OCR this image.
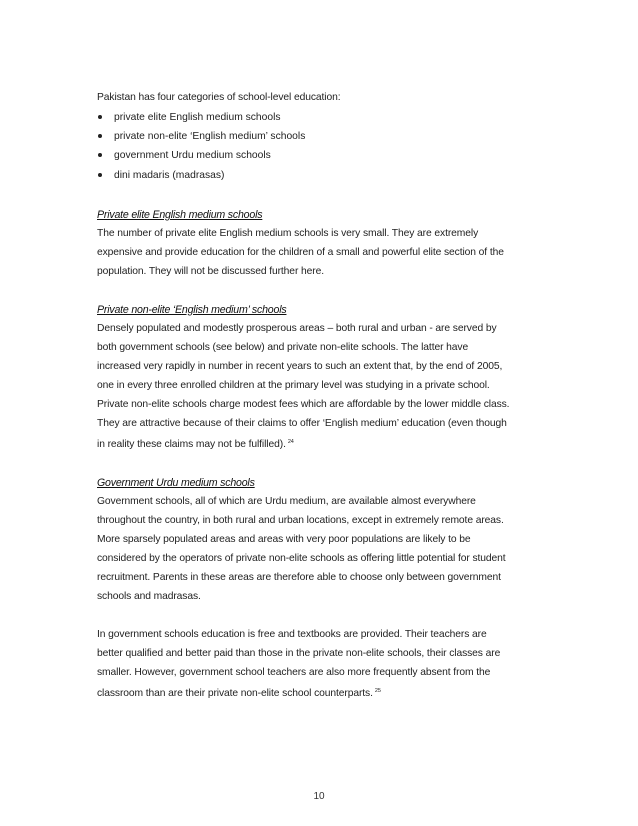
Pakistan has four categories of school-level education:

private elite English medium schools
private non-elite ‘English medium’ schools
government Urdu medium schools
dini madaris (madrasas)

Private elite English medium schools

The number of private elite English medium schools is very small. They are extremely
expensive and provide education for the children of a small and powerful elite section of the
population. They will not be discussed further here.

Private non-elite ‘English medium’ schools

Densely populated and modestly prosperous areas – both rural and urban - are served by
both government schools (see below) and private non-elite schools. The latter have
increased very rapidly in number in recent years to such an extent that, by the end of 2005,
one in every three enrolled children at the primary level was studying in a private school.
Private non-elite schools charge modest fees which are affordable by the lower middle class.
They are attractive because of their claims to offer ‘English medium’ education (even though
in reality these claims may not be fulfilled). $^{24}$

Government Urdu medium schools

Government schools, all of which are Urdu medium, are available almost everywhere
throughout the country, in both rural and urban locations, except in extremely remote areas.
More sparsely populated areas and areas with very poor populations are likely to be
considered by the operators of private non-elite schools as offering little potential for student
recruitment. Parents in these areas are therefore able to choose only between government
schools and madrasas.
In government schools education is free and textbooks are provided. Their teachers are
better qualified and better paid than those in the private non-elite schools, their classes are
smaller. However, government school teachers are also more frequently absent from the
classroom than are their private non-elite school counterparts. $^{25}$
10
